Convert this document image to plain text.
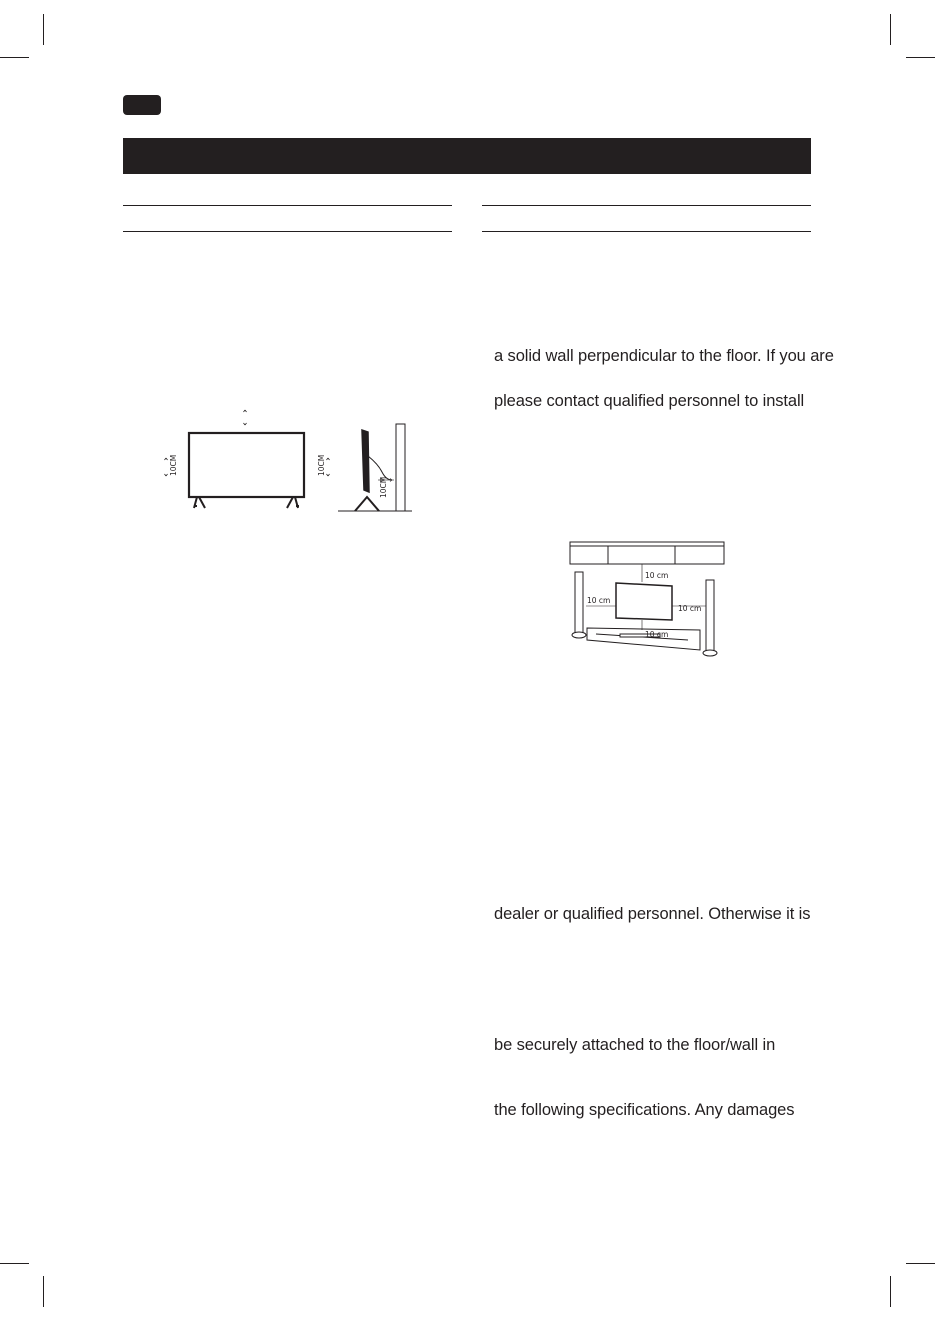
a solid wall perpendicular to the floor. If you are
please contact qualified personnel to install
dealer or qualified personnel. Otherwise it is
be securely attached to the floor/wall in
the following specifications. Any damages
10CM	10CM
10CM
10 cm
10 cm
10 cm
10 cm
